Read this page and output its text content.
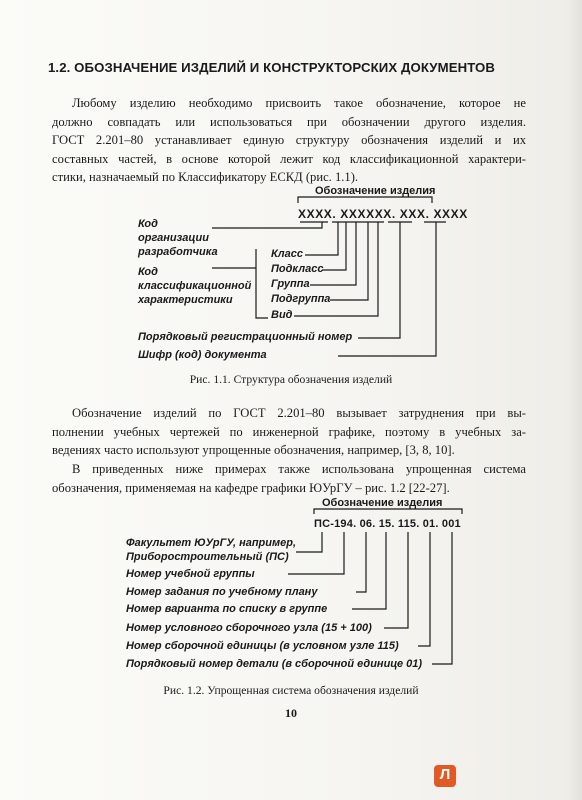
1.2. ОБОЗНАЧЕНИЕ ИЗДЕЛИЙ И КОНСТРУКТОРСКИХ ДОКУМЕНТОВ
Любому изделию необходимо присвоить такое обозначение, которое не
должно совпадать или использоваться при обозначении другого изделия.
ГОСТ 2.201–80 устанавливает единую структуру обозначения изделий и их
составных частей, в основе которой лежит код классификационной характери-
стики, назначаемый по Классификатору ЕСКД (рис. 1.1).
Обозначение изделия
XXXX. XXXXXX. XXX. XXXX
Код
организации
разработчика
Код
классификационной
характеристики
Класс
Подкласс
Группа
Подгруппа
Вид
Порядковый регистрационный номер
Шифр (код) документа
Рис. 1.1. Структура обозначения изделий
Обозначение изделий по ГОСТ 2.201–80 вызывает затруднения при вы-
полнении учебных чертежей по инженерной графике, поэтому в учебных за-
ведениях часто используют упрощенные обозначения, например, [3, 8, 10].
В приведенных ниже примерах также использована упрощенная система
обозначения, применяемая на кафедре графики ЮУрГУ – рис. 1.2 [22-27].
Обозначение изделия
ПС-194. 06. 15. 115. 01. 001
Факультет ЮУрГУ, например,
Приборостроительный (ПС)
Номер учебной группы
Номер задания по учебному плану
Номер варианта по списку в группе
Номер условного сборочного узла (15 + 100)
Номер сборочной единицы (в условном узле 115)
Порядковый номер детали (в сборочной единице 01)
Рис. 1.2. Упрощенная система обозначения изделий
10
Л
